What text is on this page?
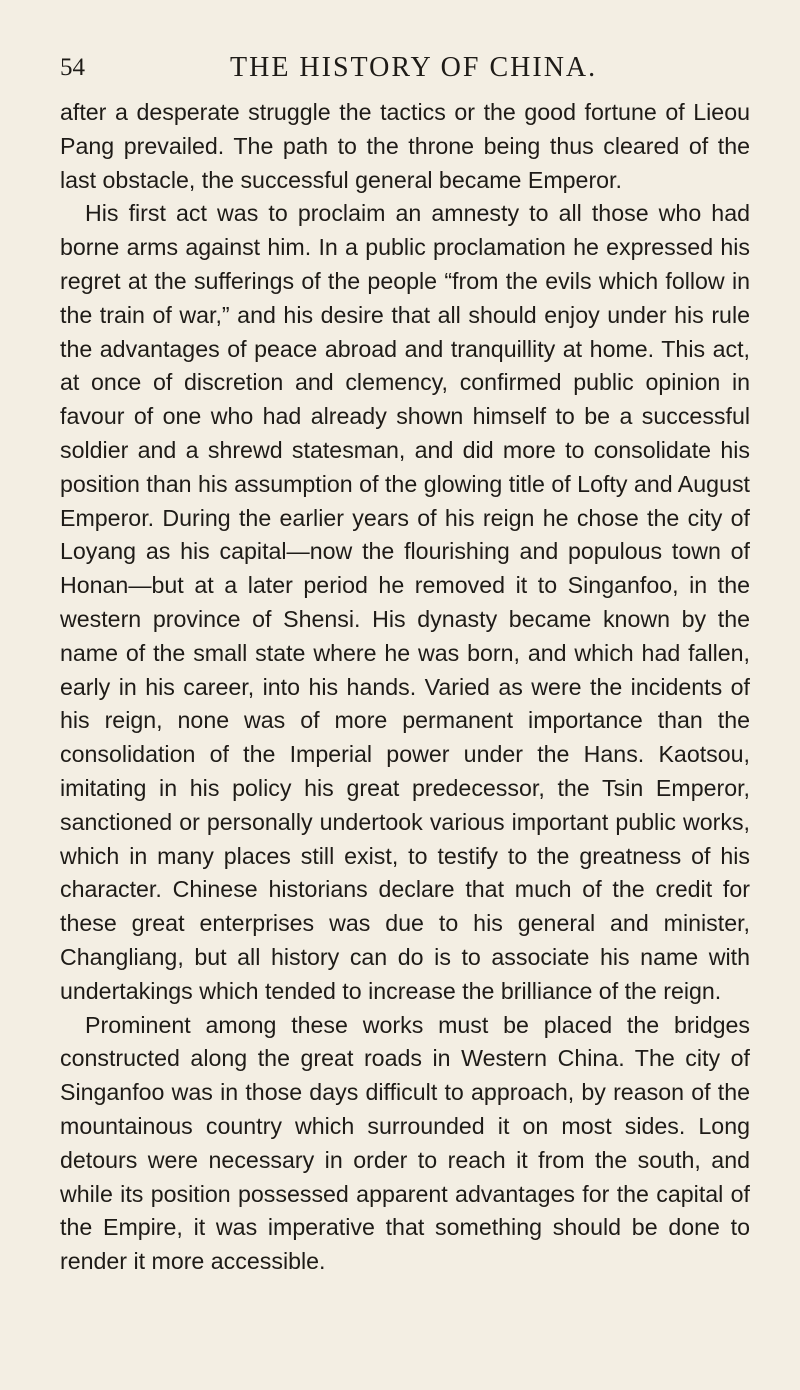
54	THE HISTORY OF CHINA.

after a desperate struggle the tactics or the good fortune of Lieou Pang prevailed. The path to the throne being thus cleared of the last obstacle, the successful general became Emperor.

His first act was to proclaim an amnesty to all those who had borne arms against him. In a public proclamation he expressed his regret at the sufferings of the people “from the evils which follow in the train of war,” and his desire that all should enjoy under his rule the advantages of peace abroad and tranquillity at home. This act, at once of discretion and clemency, confirmed public opinion in favour of one who had already shown himself to be a successful soldier and a shrewd statesman, and did more to consolidate his position than his assumption of the glowing title of Lofty and August Emperor. During the earlier years of his reign he chose the city of Loyang as his capital—now the flourishing and populous town of Honan—but at a later period he removed it to Singanfoo, in the western province of Shensi. His dynasty became known by the name of the small state where he was born, and which had fallen, early in his career, into his hands. Varied as were the incidents of his reign, none was of more permanent importance than the consolidation of the Imperial power under the Hans. Kaotsou, imitating in his policy his great predecessor, the Tsin Emperor, sanctioned or personally undertook various important public works, which in many places still exist, to testify to the greatness of his character. Chinese historians declare that much of the credit for these great enterprises was due to his general and minister, Changliang, but all history can do is to associate his name with undertakings which tended to increase the brilliance of the reign.

Prominent among these works must be placed the bridges constructed along the great roads in Western China. The city of Singanfoo was in those days difficult to approach, by reason of the mountainous country which surrounded it on most sides. Long detours were necessary in order to reach it from the south, and while its position possessed apparent advantages for the capital of the Empire, it was imperative that something should be done to render it more accessible.
